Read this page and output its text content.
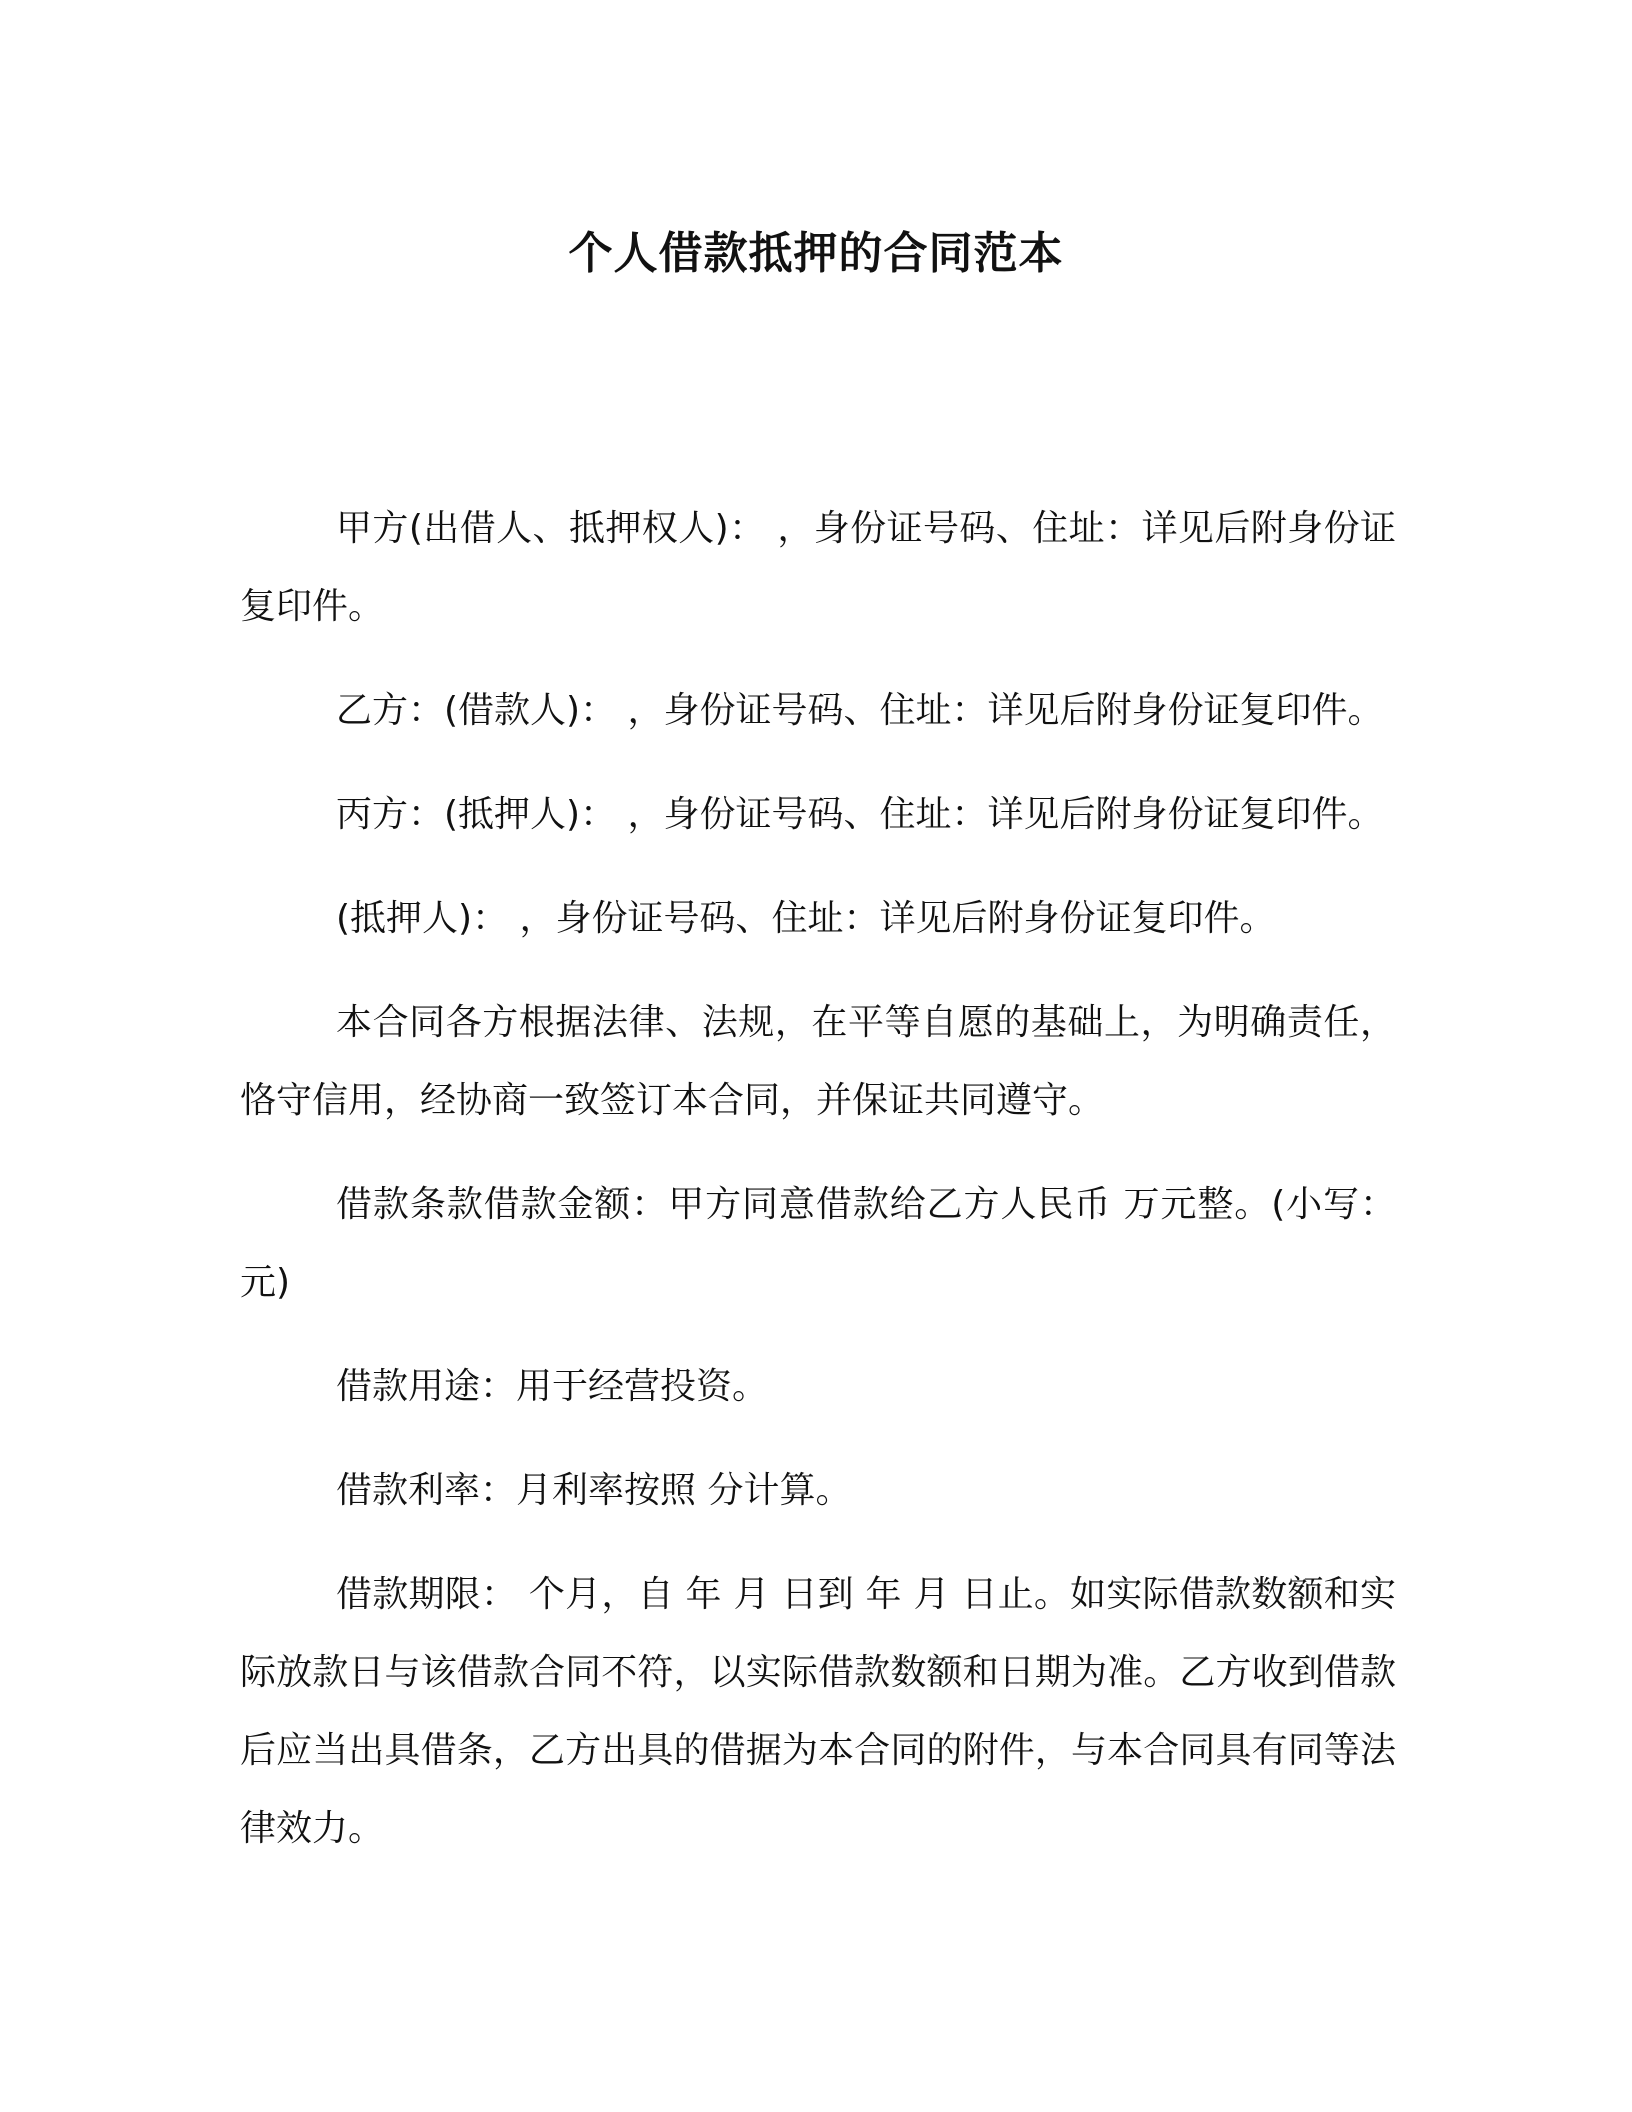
个人借款抵押的合同范本

甲方(出借人、抵押权人)： ，身份证号码、住址：详见后附身份证复印件。

乙方：(借款人)： ，身份证号码、住址：详见后附身份证复印件。

丙方：(抵押人)： ，身份证号码、住址：详见后附身份证复印件。

(抵押人)： ，身份证号码、住址：详见后附身份证复印件。

本合同各方根据法律、法规，在平等自愿的基础上，为明确责任，恪守信用，经协商一致签订本合同，并保证共同遵守。

借款条款借款金额：甲方同意借款给乙方人民币 万元整。(小写：元)

借款用途：用于经营投资。

借款利率：月利率按照 分计算。

借款期限： 个月，自 年 月 日到 年 月 日止。如实际借款数额和实际放款日与该借款合同不符，以实际借款数额和日期为准。乙方收到借款后应当出具借条，乙方出具的借据为本合同的附件，与本合同具有同等法律效力。
